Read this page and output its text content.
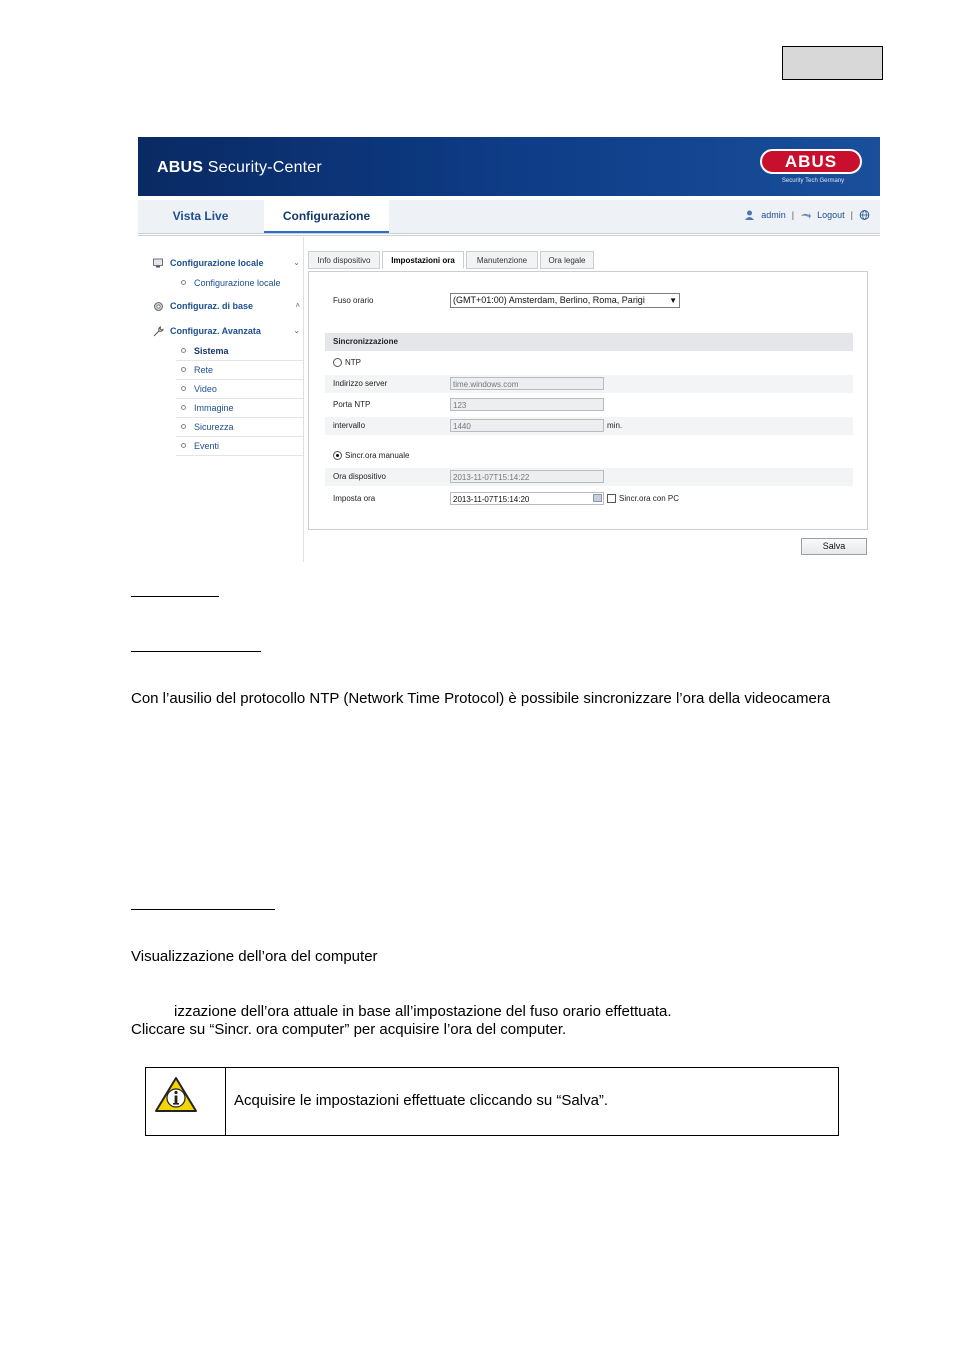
ABUS Security-Center	ABUS
Security Tech Germany
Vista Live	Configurazione	admin |	Logout |
Configurazione locale	⌄
Configurazione locale
Configuraz. di base	˄
Configuraz. Avanzata	⌄
Sistema
Rete
Video
Immagine
Sicurezza
Eventi
Info dispositivo	Impostazioni ora	Manutenzione	Ora legale
Fuso orario	(GMT+01:00) Amsterdam, Berlino, Roma, Parigi	▼
Sincronizzazione
NTP
Indirizzo server	time.windows.com
Porta NTP	123
intervallo	1440	min.
Sincr.ora manuale
Ora dispositivo	2013-11-07T15:14:22
Imposta ora	2013-11-07T15:14:20	Sincr.ora con PC
Salva
Con l’ausilio del protocollo NTP (Network Time Protocol) è possibile sincronizzare l’ora della videocamera
Visualizzazione dell’ora del computer
izzazione dell’ora attuale in base all’impostazione del fuso orario effettuata.
Cliccare su “Sincr. ora computer” per acquisire l’ora del computer.
Acquisire le impostazioni effettuate cliccando su “Salva”.
